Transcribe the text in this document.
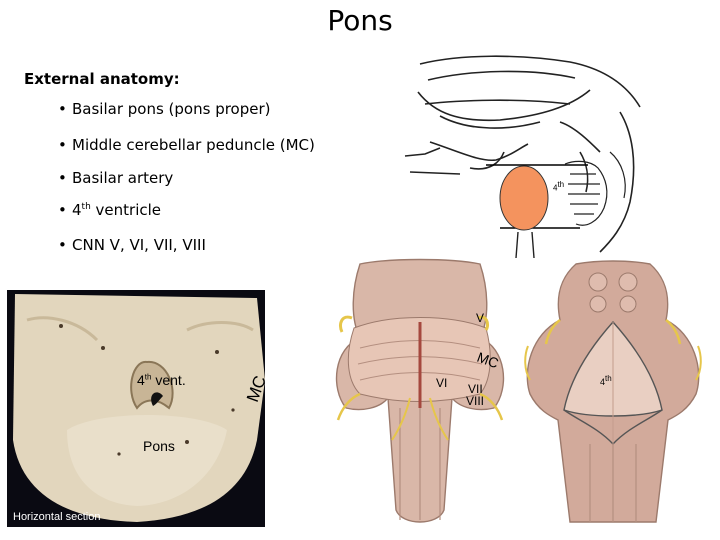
Pons
External anatomy:
• Basilar pons (pons proper)
• Middle cerebellar peduncle (MC)
• Basilar artery
• 4th ventricle
• CNN V, VI, VII, VIII
4th
4th vent.	MC
Pons
Horizontal section
V
MC
VI VII
VIII
4th
